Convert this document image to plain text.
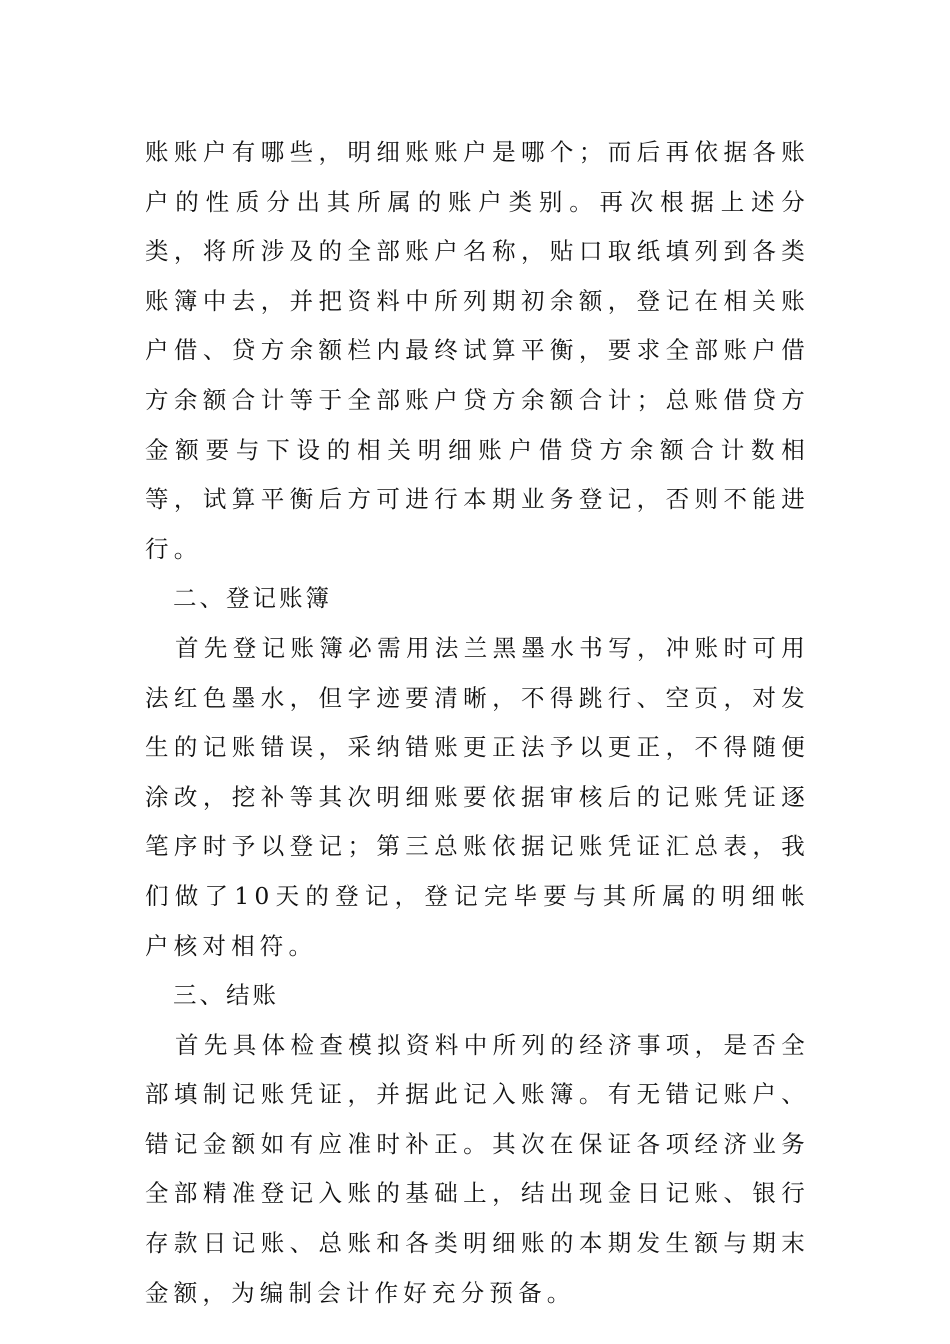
账账户有哪些，明细账账户是哪个；而后再依据各账户的性质分出其所属的账户类别。再次根据上述分类，将所涉及的全部账户名称，贴口取纸填列到各类账簿中去，并把资料中所列期初余额，登记在相关账户借、贷方余额栏内最终试算平衡，要求全部账户借方余额合计等于全部账户贷方余额合计；总账借贷方金额要与下设的相关明细账户借贷方余额合计数相等，试算平衡后方可进行本期业务登记，否则不能进行。

二、登记账簿

首先登记账簿必需用法兰黑墨水书写，冲账时可用法红色墨水，但字迹要清晰，不得跳行、空页，对发生的记账错误，采纳错账更正法予以更正，不得随便涂改，挖补等其次明细账要依据审核后的记账凭证逐笔序时予以登记；第三总账依据记账凭证汇总表，我们做了10天的登记，登记完毕要与其所属的明细帐户核对相符。

三、结账

首先具体检查模拟资料中所列的经济事项，是否全部填制记账凭证，并据此记入账簿。有无错记账户、错记金额如有应准时补正。其次在保证各项经济业务全部精准登记入账的基础上，结出现金日记账、银行存款日记账、总账和各类明细账的本期发生额与期末金额，为编制会计作好充分预备。
